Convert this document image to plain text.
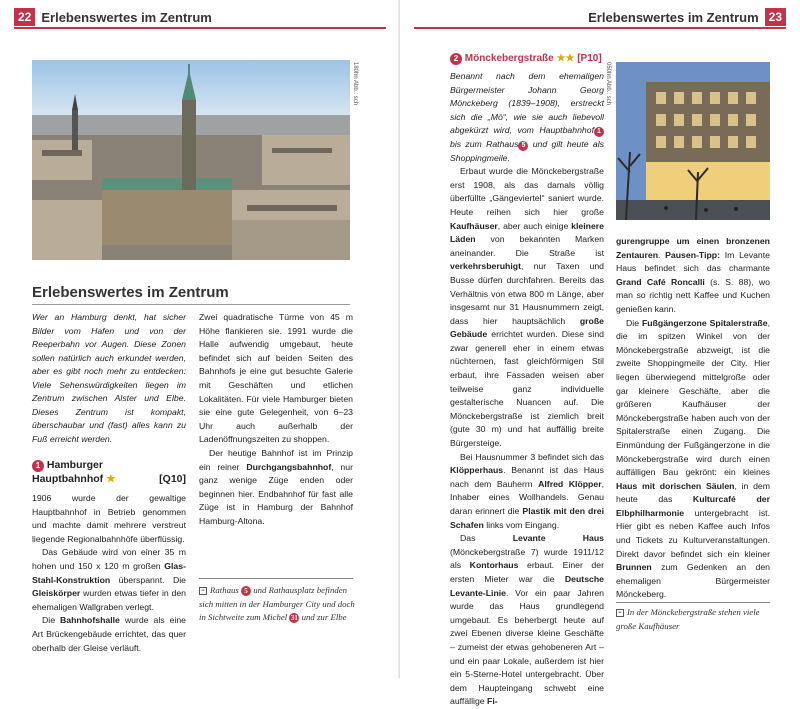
22 Erlebenswertes im Zentrum
180hn Abb.: sch
Erlebenswertes im Zentrum

Wer an Hamburg denkt, hat sicher Bilder vom Hafen und von der Reeperbahn vor Augen. Diese Zonen sollen natürlich auch erkundet werden, aber es gibt noch mehr zu entdecken: Viele Sehenswürdigkeiten liegen im Zentrum zwischen Alster und Elbe. Dieses Zentrum ist kompakt, überschaubar und (fast) alles kann zu Fuß erreicht werden.

1 Hamburger
Hauptbahnhof ★	[Q10]

1906 wurde der gewaltige Hauptbahnhof in Betrieb genommen und machte damit mehrere verstreut liegende Regionalbahnhöfe überflüssig.

Das Gebäude wird von einer 35 m hohen und 150 x 120 m großen Glas-Stahl-Konstruktion überspannt. Die Gleiskörper wurden etwas tiefer in den ehemaligen Wallgraben verlegt.

Die Bahnhofshalle wurde als eine Art Brückengebäude errichtet, das quer oberhalb der Gleise verläuft.

Zwei quadratische Türme von 45 m Höhe flankieren sie. 1991 wurde die Halle aufwendig umgebaut, heute befindet sich auf beiden Seiten des Bahnhofs je eine gut besuchte Galerie mit Geschäften und etlichen Lokalitäten. Für viele Hamburger bieten sie eine gute Gelegenheit, von 6–23 Uhr auch außerhalb der Ladenöffnungszeiten zu shoppen.

Der heutige Bahnhof ist im Prinzip ein reiner Durchgangsbahnhof, nur ganz wenige Züge enden oder beginnen hier. Endbahnhof für fast alle Züge ist in Hamburg der Bahnhof Hamburg-Altona.

≡ Rathaus 5 und Rathausplatz befinden sich mitten in der Hamburger City und doch in Sichtweite zum Michel 31 und zur Elbe
Erlebenswertes im Zentrum 23
2 Mönckebergstraße ★★ [P10]

Benannt nach dem ehemaligen Bürgermeister Johann Georg Mönckeberg (1839–1908), erstreckt sich die „Mö“, wie sie auch liebevoll abgekürzt wird, vom Hauptbahnhof 1 bis zum Rathaus 5 und gilt heute als Shoppingmeile.

Erbaut wurde die Mönckebergstraße erst 1908, als das damals völlig überfüllte „Gängeviertel“ saniert wurde. Heute reihen sich hier große Kaufhäuser, aber auch einige kleinere Läden von bekannten Marken aneinander. Die Straße ist verkehrsberuhigt, nur Taxen und Busse dürfen durchfahren. Bereits das Verhältnis von etwa 800 m Länge, aber insgesamt nur 31 Hausnummern zeigt, dass hier hauptsächlich große Gebäude errichtet wurden. Diese sind zwar generell eher in einem etwas nüchternen, fast gleichförmigen Stil erbaut, ihre Fassaden weisen aber teilweise ganz individuelle gestalterische Nuancen auf. Die Mönckebergstraße ist ziemlich breit (gute 30 m) und hat auffällig breite Bürgersteige.

Bei Hausnummer 3 befindet sich das Klöpperhaus. Benannt ist das Haus nach dem Bauherrn Alfred Klöpper, Inhaber eines Wollhandels. Genau daran erinnert die Plastik mit den drei Schafen links vom Eingang.

Das Levante Haus (Mönckebergstraße 7) wurde 1911/12 als Kontorhaus erbaut. Einer der ersten Mieter war die Deutsche Levante-Linie. Vor ein paar Jahren wurde das Haus grundlegend umgebaut. Es beherbergt heute auf zwei Ebenen diverse kleine Geschäfte – zumeist der etwas gehobeneren Art – und ein paar Lokale, außerdem ist hier ein 5-Sterne-Hotel untergebracht. Über dem Haupteingang schwebt eine auffällige Fi-

050hn Abb.: sch

gurengruppe um einen bronzenen Zentauren. Pausen-Tipp: Im Levante Haus befindet sich das charmante Grand Café Roncalli (s. S. 88), wo man so richtig nett Kaffee und Kuchen genießen kann.

Die Fußgängerzone Spitalerstraße, die im spitzen Winkel von der Mönckebergstraße abzweigt, ist die zweite Shoppingmeile der City. Hier liegen überwiegend mittelgroße oder gar kleinere Geschäfte, aber die größeren Kaufhäuser der Mönckebergstraße haben auch von der Spitalerstraße einen Zugang. Die Einmündung der Fußgängerzone in die Mönckebergstraße wird durch einen auffälligen Bau gekrönt: ein kleines Haus mit dorischen Säulen, in dem heute das Kulturcafé der Elbphilharmonie untergebracht ist. Hier gibt es neben Kaffee auch Infos und Tickets zu Kulturveranstaltungen. Direkt davor befindet sich ein kleiner Brunnen zum Gedenken an den ehemaligen Bürgermeister Mönckeberg.

≡ In der Mönckebergstraße stehen viele große Kaufhäuser
